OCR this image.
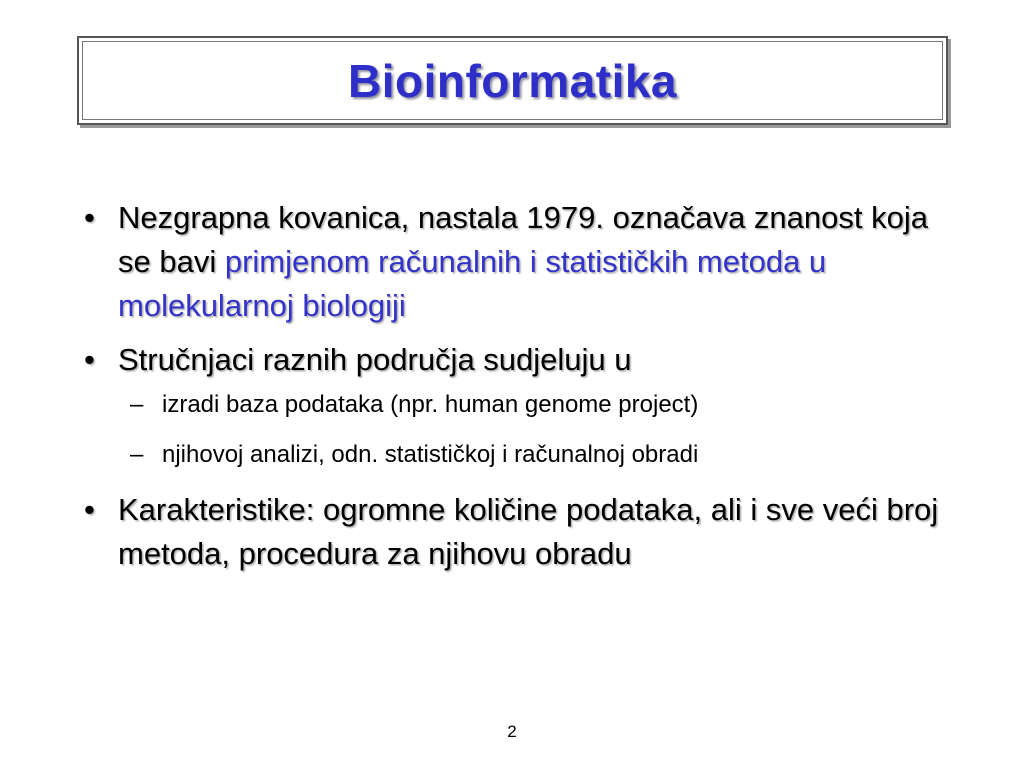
Bioinformatika
• Nezgrapna kovanica, nastala 1979. označava znanost koja se bavi primjenom računalnih i statističkih metoda u molekularnoj biologiji
• Stručnjaci raznih područja sudjeluju u
– izradi baza podataka (npr. human genome project)
– njihovoj analizi, odn. statističkoj i računalnoj obradi
• Karakteristike: ogromne količine podataka, ali i sve veći broj metoda, procedura za njihovu obradu
2
